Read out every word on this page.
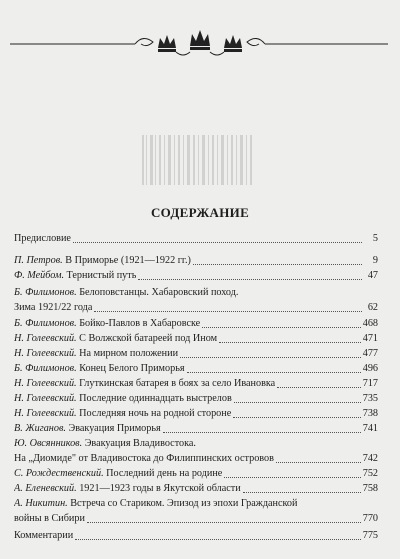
СОДЕРЖАНИЕ
Предисловие	5
П. Петров. В Приморье (1921—1922 гг.)	9
Ф. Мейбом. Тернистый путь	47
Б. Филимонов. Белоповстанцы. Хабаровский поход.
Зима 1921/22 года	62
Б. Филимонов. Бойко-Павлов в Хабаровске	468
Н. Голеевский. С Волжской батареей под Ином	471
Н. Голеевский. На мирном положении	477
Б. Филимонов. Конец Белого Приморья	496
Н. Голеевский. Глуткинская батарея в боях за село Ивановка	717
Н. Голеевский. Последние одиннадцать выстрелов	735
Н. Голеевский. Последняя ночь на родной стороне	738
В. Жиганов. Эвакуация Приморья	741
Ю. Овсянников. Эвакуация Владивостока.
На „Диомиде" от Владивостока до Филиппинских островов	742
С. Рождественский. Последний день на родине	752
А. Еленевский. 1921—1923 годы в Якутской области	758
А. Никитин. Встреча со Стариком. Эпизод из эпохи Гражданской
войны в Сибири	770
Комментарии	775
